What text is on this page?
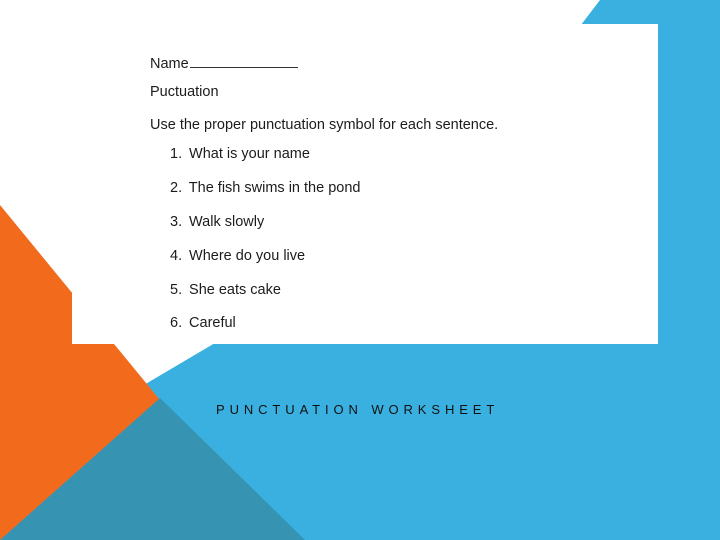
Name
Puctuation
Use the proper punctuation symbol for each sentence.
1. What is your name
2. The fish swims in the pond
3. Walk slowly
4. Where do you live
5. She eats cake
6. Careful
PUNCTUATION WORKSHEET
